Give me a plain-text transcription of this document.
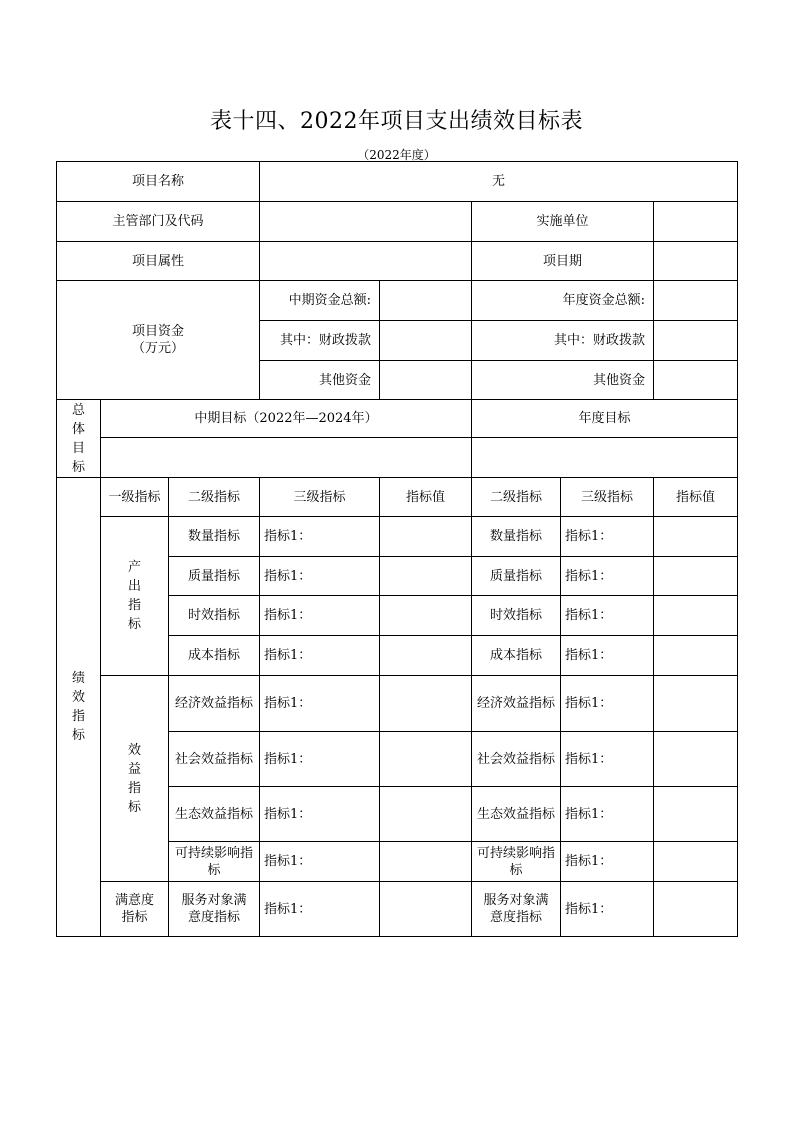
表十四、2022年项目支出绩效目标表
（2022年度）
项目名称			无				
主管部门及代码					实施单位		
项目属性					项目期		

项目资金
（万元）			中期资金总额:		年度资金总额:		
			其中：财政拨款		其中：财政拨款		
			其他资金		其他资金		
总体目标	中期目标（2022年—2024年）				年度目标		

绩效指标	一级指标	二级指标	三级指标	指标值	二级指标	三级指标	指标值
	产出指标	数量指标	指标1：		数量指标	指标1：	
		质量指标	指标1：		质量指标	指标1：	
		时效指标	指标1：		时效指标	指标1：	
		成本指标	指标1：		成本指标	指标1：	
	效益指标	经济效益指标	指标1：		经济效益指标	指标1：	
		社会效益指标	指标1：		社会效益指标	指标1：	
		生态效益指标	指标1：		生态效益指标	指标1：	
		可持续影响指标	指标1：		可持续影响指标	指标1：	
	满意度指标	服务对象满意度指标	指标1：		服务对象满意度指标	指标1：	
